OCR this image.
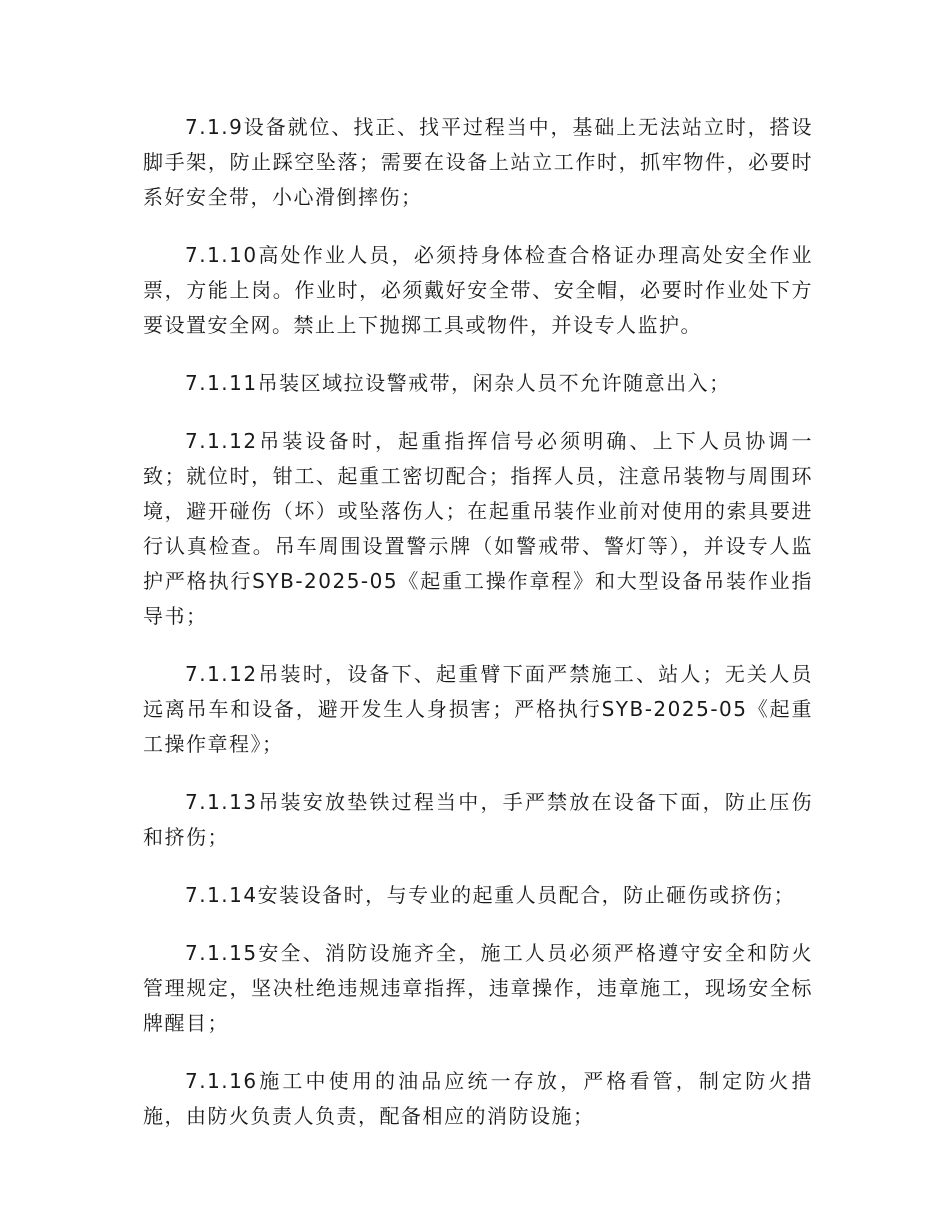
7.1.9设备就位、找正、找平过程当中，基础上无法站立时，搭设脚手架，防止踩空坠落；需要在设备上站立工作时，抓牢物件，必要时系好安全带，小心滑倒摔伤；

7.1.10高处作业人员，必须持身体检查合格证办理高处安全作业票，方能上岗。作业时，必须戴好安全带、安全帽，必要时作业处下方要设置安全网。禁止上下抛掷工具或物件，并设专人监护。

7.1.11吊装区域拉设警戒带，闲杂人员不允许随意出入；

7.1.12吊装设备时，起重指挥信号必须明确、上下人员协调一致；就位时，钳工、起重工密切配合；指挥人员，注意吊装物与周围环境，避开碰伤（坏）或坠落伤人；在起重吊装作业前对使用的索具要进行认真检查。吊车周围设置警示牌（如警戒带、警灯等），并设专人监护严格执行SYB-2025-05《起重工操作章程》和大型设备吊装作业指导书；

7.1.12吊装时，设备下、起重臂下面严禁施工、站人；无关人员远离吊车和设备，避开发生人身损害；严格执行SYB-2025-05《起重工操作章程》；

7.1.13吊装安放垫铁过程当中，手严禁放在设备下面，防止压伤和挤伤；

7.1.14安装设备时，与专业的起重人员配合，防止砸伤或挤伤；

7.1.15安全、消防设施齐全，施工人员必须严格遵守安全和防火管理规定，坚决杜绝违规违章指挥，违章操作，违章施工，现场安全标牌醒目；

7.1.16施工中使用的油品应统一存放，严格看管，制定防火措施，由防火负责人负责，配备相应的消防设施；
